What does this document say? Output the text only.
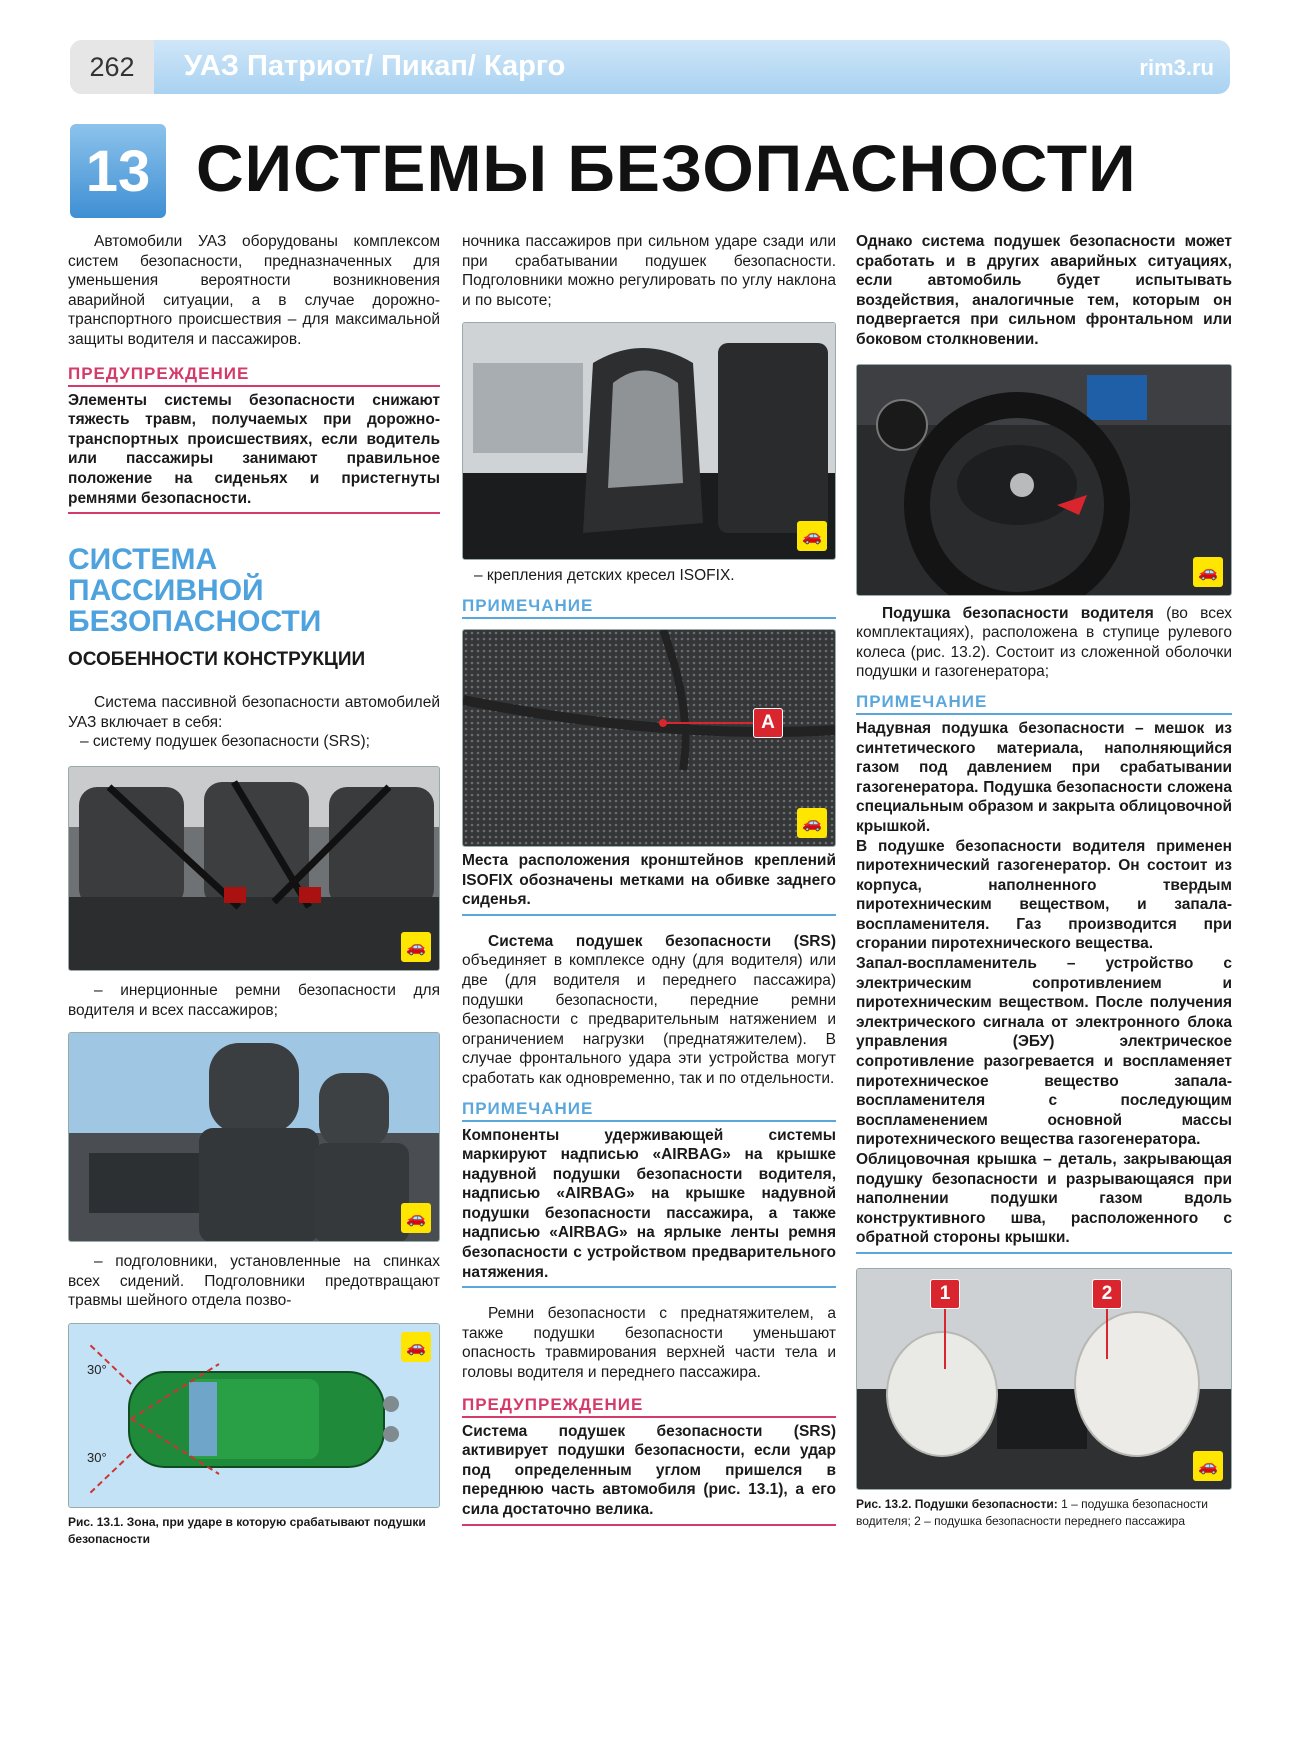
262	УАЗ Патриот/ Пикап/ Карго	rim3.ru
13 СИСТЕМЫ БЕЗОПАСНОСТИ

Автомобили УАЗ оборудованы комплексом систем безопасности, предназначенных для уменьшения вероятности возникновения аварийной ситуации, а в случае дорожно-транспортного происшествия – для максимальной защиты водителя и пассажиров.

ПРЕДУПРЕЖДЕНИЕ

Элементы системы безопасности снижают тяжесть травм, получаемых при дорожно-транспортных происшествиях, если водитель или пассажиры занимают правильное положение на сиденьях и пристегнуты ремнями безопасности.

СИСТЕМА
ПАССИВНОЙ
БЕЗОПАСНОСТИ
ОСОБЕННОСТИ КОНСТРУКЦИИ

Система пассивной безопасности автомобилей УАЗ включает в себя:

– систему подушек безопасности (SRS);

🚗

– инерционные ремни безопасности для водителя и всех пассажиров;

🚗

– подголовники, установленные на спинках всех сидений. Подголовники предотвращают травмы шейного отдела позво-

30°
30°
🚗

Рис. 13.1. Зона, при ударе в которую срабатывают подушки безопасности

ночника пассажиров при сильном ударе сзади или при срабатывании подушек безопасности. Подголовники можно регулировать по углу наклона и по высоте;

🚗

– крепления детских кресел ISOFIX.

ПРИМЕЧАНИЕ
A
🚗

Места расположения кронштейнов креплений ISOFIX обозначены метками на обивке заднего сиденья.

Система подушек безопасности (SRS) объединяет в комплексе одну (для водителя) или две (для водителя и переднего пассажира) подушки безопасности, передние ремни безопасности с предварительным натяжением и ограничением нагрузки (преднатяжителем). В случае фронтального удара эти устройства могут сработать как одновременно, так и по отдельности.

ПРИМЕЧАНИЕ

Компоненты удерживающей системы маркируют надписью «AIRBAG» на крышке надувной подушки безопасности водителя, надписью «AIRBAG» на крышке надувной подушки безопасности пассажира, а также надписью «AIRBAG» на ярлыке ленты ремня безопасности с устройством предварительного натяжения.

Ремни безопасности с преднатяжителем, а также подушки безопасности уменьшают опасность травмирования верхней части тела и головы водителя и переднего пассажира.

ПРЕДУПРЕЖДЕНИЕ

Система подушек безопасности (SRS) активирует подушки безопасности, если удар под определенным углом пришелся в переднюю часть автомобиля (рис. 13.1), а его сила достаточно велика.

Однако система подушек безопасности может сработать и в других аварийных ситуациях, если автомобиль будет испытывать воздействия, аналогичные тем, которым он подвергается при сильном фронтальном или боковом столкновении.

🚗

Подушка безопасности водителя (во всех комплектациях), расположена в ступице рулевого колеса (рис. 13.2). Состоит из сложенной оболочки подушки и газогенератора;

ПРИМЕЧАНИЕ

Надувная подушка безопасности – мешок из синтетического материала, наполняющийся газом под давлением при срабатывании газогенератора. Подушка безопасности сложена специальным образом и закрыта облицовочной крышкой.

В подушке безопасности водителя применен пиротехнический газогенератор. Он состоит из корпуса, наполненного твердым пиротехническим веществом, и запала-воспламенителя. Газ производится при сгорании пиротехнического вещества.

Запал-воспламенитель – устройство с электрическим сопротивлением и пиротехническим веществом. После получения электрического сигнала от электронного блока управления (ЭБУ) электрическое сопротивление разогревается и воспламеняет пиротехническое вещество запала-воспламенителя с последующим воспламенением основной массы пиротехнического вещества газогенератора.

Облицовочная крышка – деталь, закрывающая подушку безопасности и разрывающаяся при наполнении подушки газом вдоль конструктивного шва, расположенного с обратной стороны крышки.

1	2
🚗

Рис. 13.2. Подушки безопасности: 1 – подушка безопасности водителя; 2 – подушка безопасности переднего пассажира
